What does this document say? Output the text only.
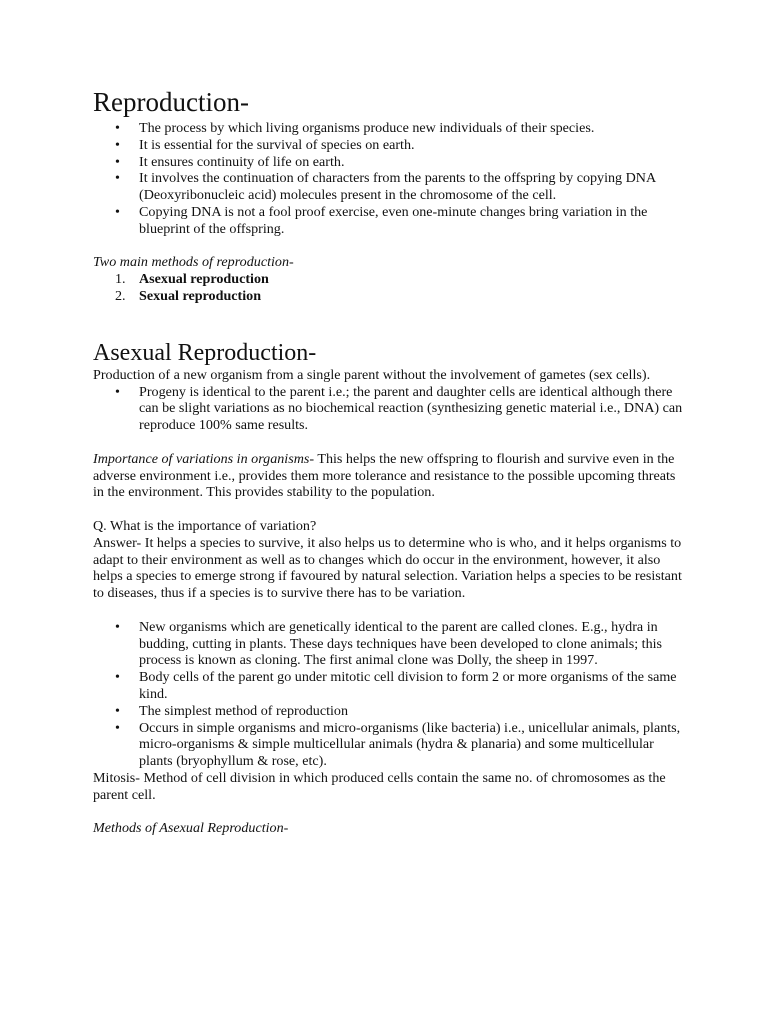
Reproduction-
• The process by which living organisms produce new individuals of their species.
• It is essential for the survival of species on earth.
• It ensures continuity of life on earth.
• It involves the continuation of characters from the parents to the offspring by copying DNA (Deoxyribonucleic acid) molecules present in the chromosome of the cell.
• Copying DNA is not a fool proof exercise, even one-minute changes bring variation in the blueprint of the offspring.

Two main methods of reproduction-

1. Asexual reproduction
2. Sexual reproduction
Asexual Reproduction-

Production of a new organism from a single parent without the involvement of gametes (sex cells).

• Progeny is identical to the parent i.e.; the parent and daughter cells are identical although there can be slight variations as no biochemical reaction (synthesizing genetic material i.e., DNA) can reproduce 100% same results.

Importance of variations in organisms- This helps the new offspring to flourish and survive even in the adverse environment i.e., provides them more tolerance and resistance to the possible upcoming threats in the environment. This provides stability to the population.

Q. What is the importance of variation?

Answer- It helps a species to survive, it also helps us to determine who is who, and it helps organisms to adapt to their environment as well as to changes which do occur in the environment, however, it also helps a species to emerge strong if favoured by natural selection. Variation helps a species to be resistant to diseases, thus if a species is to survive there has to be variation.

• New organisms which are genetically identical to the parent are called clones. E.g., hydra in budding, cutting in plants. These days techniques have been developed to clone animals; this process is known as cloning. The first animal clone was Dolly, the sheep in 1997.
• Body cells of the parent go under mitotic cell division to form 2 or more organisms of the same kind.
• The simplest method of reproduction
• Occurs in simple organisms and micro-organisms (like bacteria) i.e., unicellular animals, plants, micro-organisms & simple multicellular animals (hydra & planaria) and some multicellular plants (bryophyllum & rose, etc).

Mitosis- Method of cell division in which produced cells contain the same no. of chromosomes as the parent cell.

Methods of Asexual Reproduction-
